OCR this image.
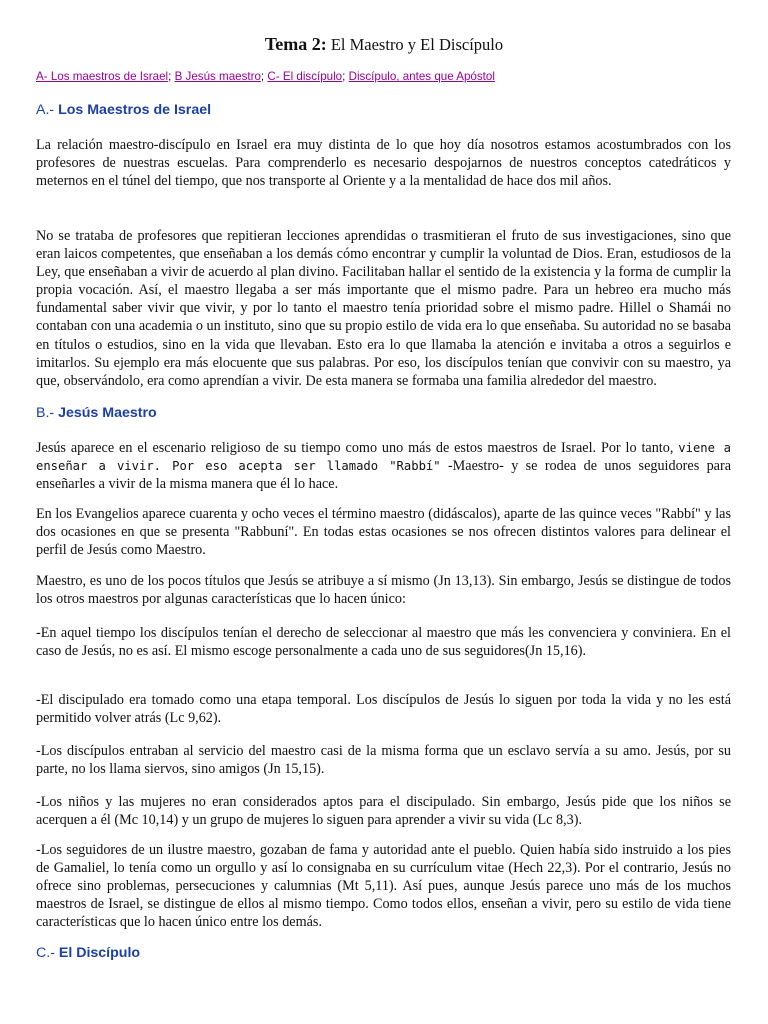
Tema 2: El Maestro y El Discípulo
A- Los maestros de Israel; B Jesús maestro; C- El discípulo; Discípulo, antes que Apóstol
A.- Los Maestros de Israel

La relación maestro-discípulo en Israel era muy distinta de lo que hoy día nosotros estamos acostumbrados con los profesores de nuestras escuelas. Para comprenderlo es necesario despojarnos de nuestros conceptos catedráticos y meternos en el túnel del tiempo, que nos transporte al Oriente y a la mentalidad de hace dos mil años.

No se trataba de profesores que repitieran lecciones aprendidas o trasmitieran el fruto de sus investigaciones, sino que eran laicos competentes, que enseñaban a los demás cómo encontrar y cumplir la voluntad de Dios. Eran, estudiosos de la Ley, que enseñaban a vivir de acuerdo al plan divino. Facilitaban hallar el sentido de la existencia y la forma de cumplir la propia vocación. Así, el maestro llegaba a ser más importante que el mismo padre. Para un hebreo era mucho más fundamental saber vivir que vivir, y por lo tanto el maestro tenía prioridad sobre el mismo padre. Hillel o Shamái no contaban con una academia o un instituto, sino que su propio estilo de vida era lo que enseñaba. Su autoridad no se basaba en títulos o estudios, sino en la vida que llevaban. Esto era lo que llamaba la atención e invitaba a otros a seguirlos e imitarlos. Su ejemplo era más elocuente que sus palabras. Por eso, los discípulos tenían que convivir con su maestro, ya que, observándolo, era como aprendían a vivir. De esta manera se formaba una familia alrededor del maestro.

B.- Jesús Maestro

Jesús aparece en el escenario religioso de su tiempo como uno más de estos maestros de Israel. Por lo tanto, viene a enseñar a vivir. Por eso acepta ser llamado "Rabbí" -Maestro- y se rodea de unos seguidores para enseñarles a vivir de la misma manera que él lo hace.

En los Evangelios aparece cuarenta y ocho veces el término maestro (didáscalos), aparte de las quince veces "Rabbí" y las dos ocasiones en que se presenta "Rabbuní". En todas estas ocasiones se nos ofrecen distintos valores para delinear el perfil de Jesús como Maestro.

Maestro, es uno de los pocos títulos que Jesús se atribuye a sí mismo (Jn 13,13). Sin embargo, Jesús se distingue de todos los otros maestros por algunas características que lo hacen único:

-En aquel tiempo los discípulos tenían el derecho de seleccionar al maestro que más les convenciera y conviniera. En el caso de Jesús, no es así. El mismo escoge personalmente a cada uno de sus seguidores(Jn 15,16).

-El discipulado era tomado como una etapa temporal. Los discípulos de Jesús lo siguen por toda la vida y no les está permitido volver atrás (Lc 9,62).

-Los discípulos entraban al servicio del maestro casi de la misma forma que un esclavo servía a su amo. Jesús, por su parte, no los llama siervos, sino amigos (Jn 15,15).

-Los niños y las mujeres no eran considerados aptos para el discipulado. Sin embargo, Jesús pide que los niños se acerquen a él (Mc 10,14) y un grupo de mujeres lo siguen para aprender a vivir su vida (Lc 8,3).

-Los seguidores de un ilustre maestro, gozaban de fama y autoridad ante el pueblo. Quien había sido instruido a los pies de Gamaliel, lo tenía como un orgullo y así lo consignaba en su currículum vitae (Hech 22,3). Por el contrario, Jesús no ofrece sino problemas, persecuciones y calumnias (Mt 5,11). Así pues, aunque Jesús parece uno más de los muchos maestros de Israel, se distingue de ellos al mismo tiempo. Como todos ellos, enseñan a vivir, pero su estilo de vida tiene características que lo hacen único entre los demás.

C.- El Discípulo
